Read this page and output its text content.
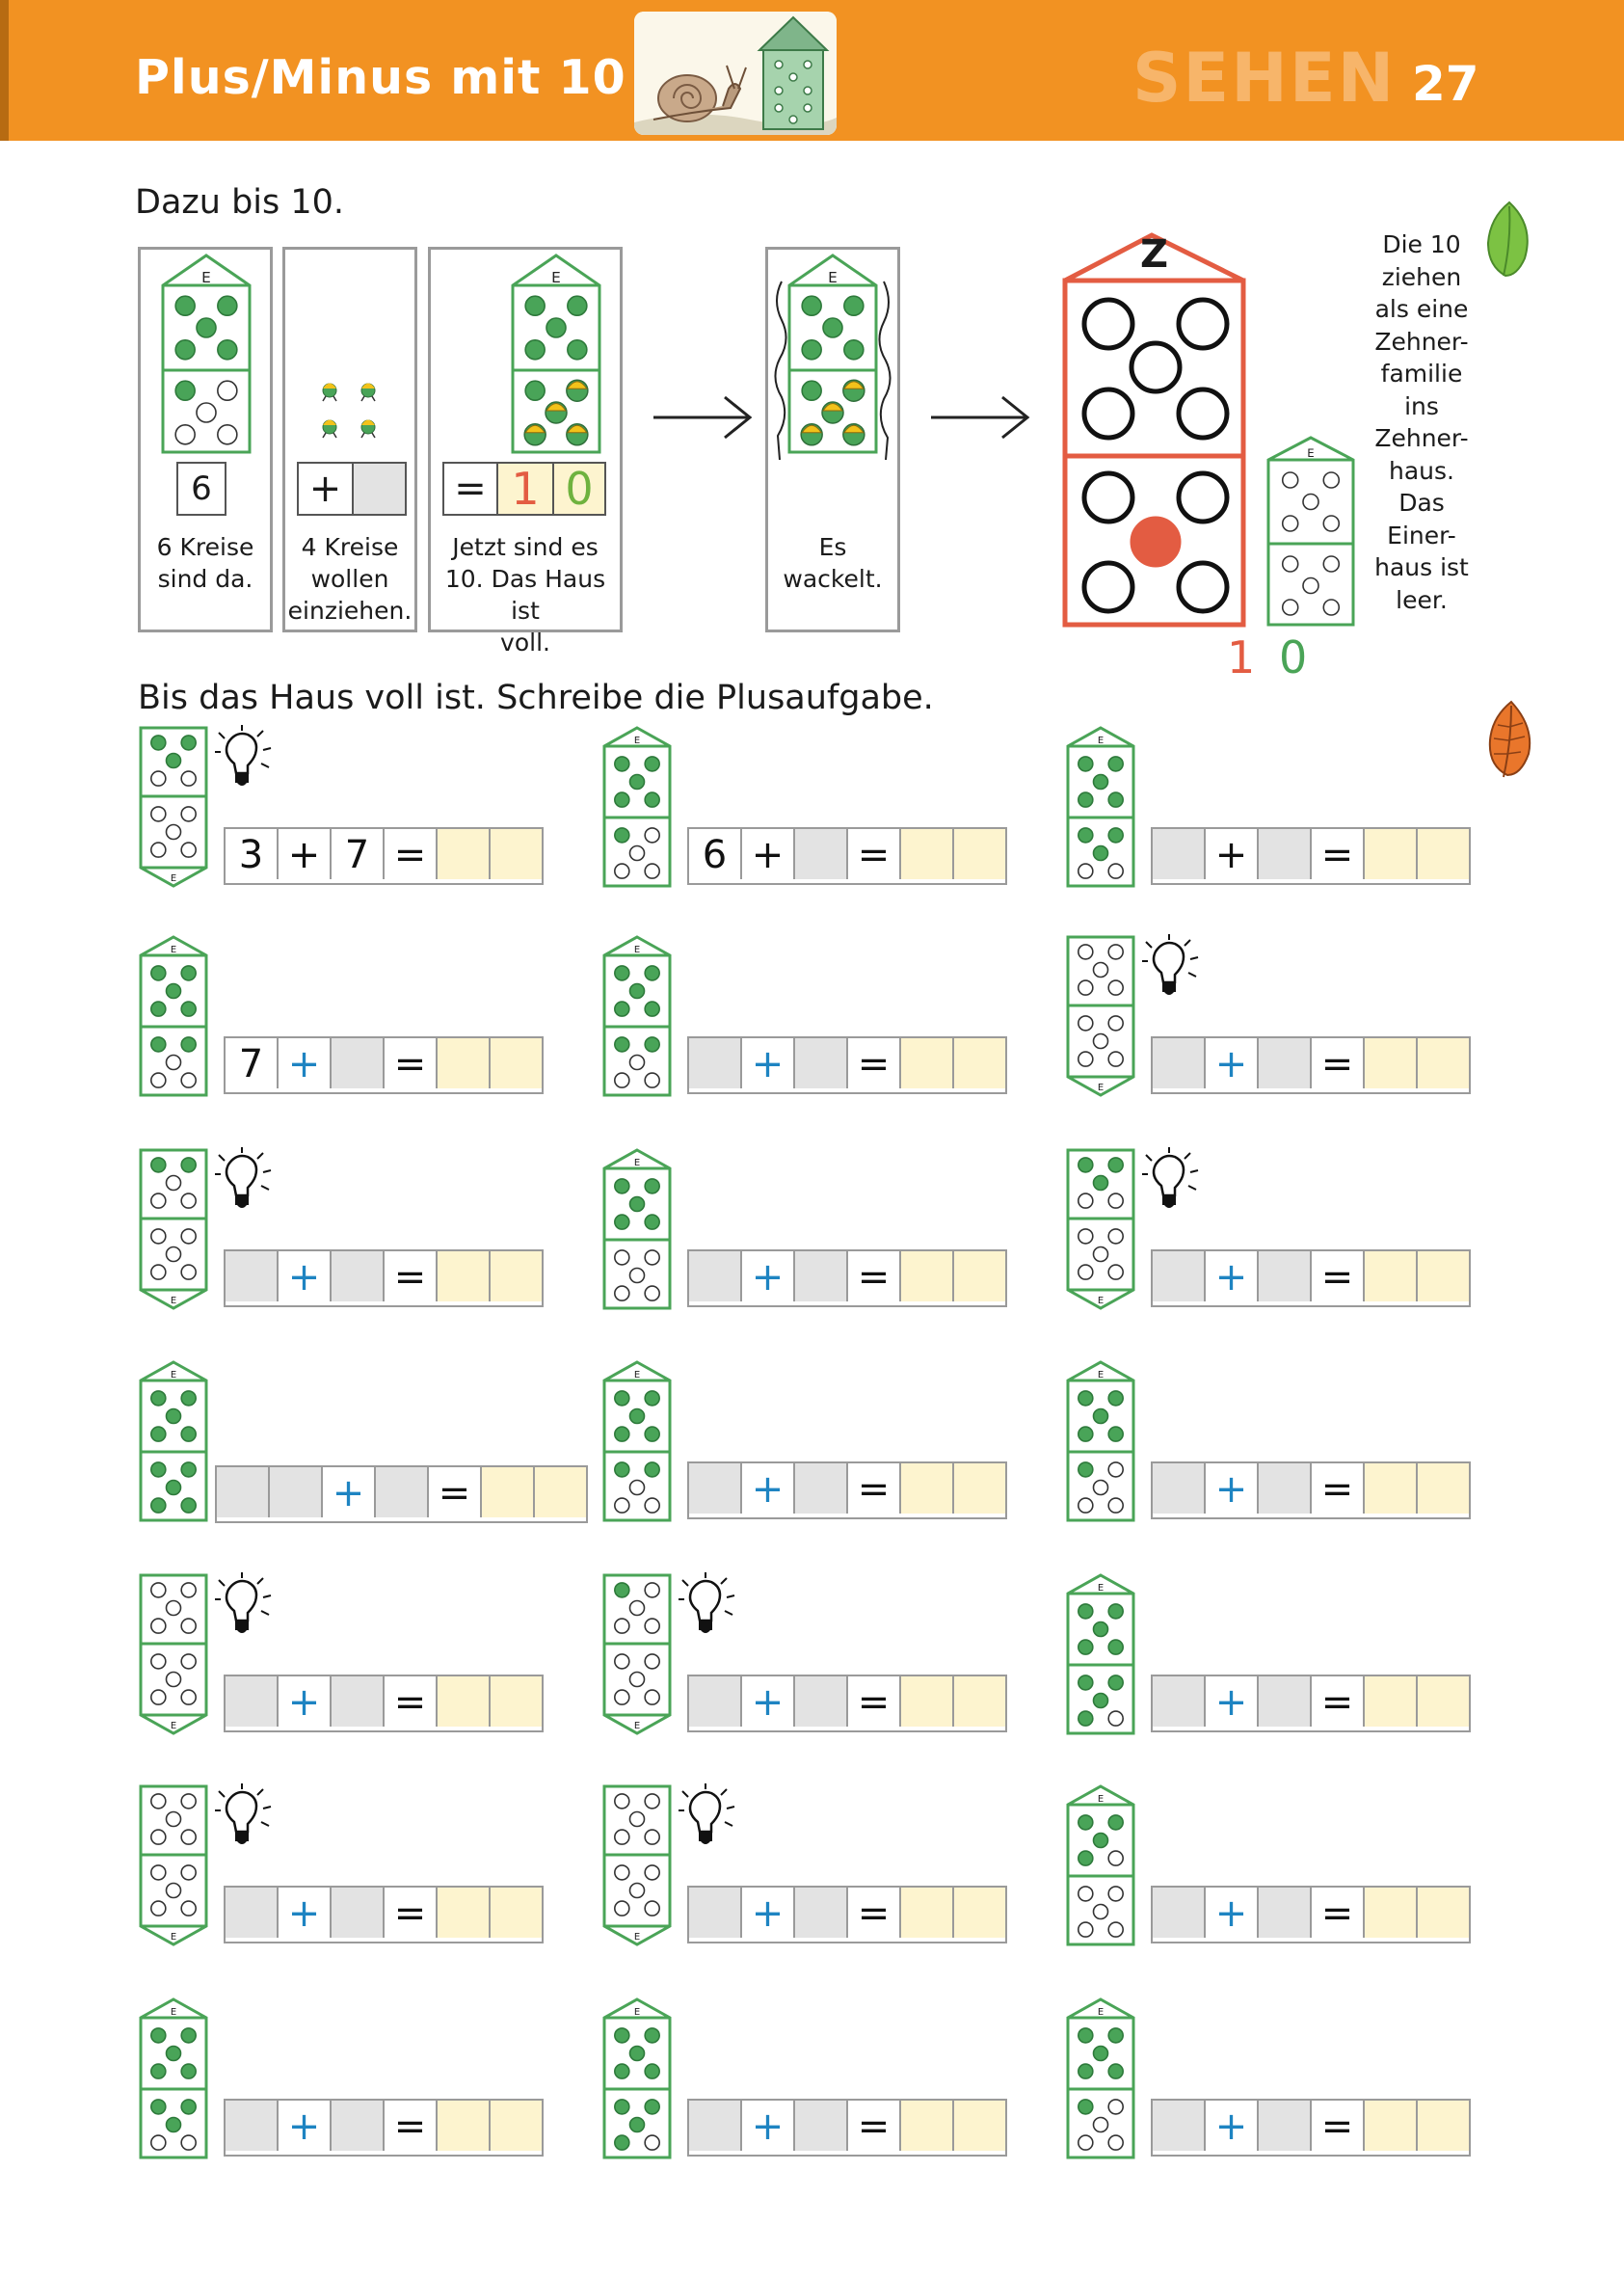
Plus/Minus mit 10	SEHEN 27
Dazu bis 10.
E
6
6 Kreise
sind da.
+
4 Kreise
wollen
einziehen.
E
= 1 0
Jetzt sind es
10. Das Haus ist
voll.
E
Es
wackelt.
Z
E
1 0
Die 10
ziehen
als eine
Zehner-
familie
ins
Zehner-
haus.
Das
Einer-
haus ist
leer.
Bis das Haus voll ist. Schreibe die Plusaufgabe.
E
3 + 7 =
E
6 + =
E
+ =
E
7 + =
E
+ =
E
+ =
E
+ =
E
+ =
E
+ =
E
+ =
E
+ =
E
+ =
E
+ =
E
+ =
E
+ =
E
+ =
E
+ =
E
+ =
E
+ =
E
+ =
E
+ =
